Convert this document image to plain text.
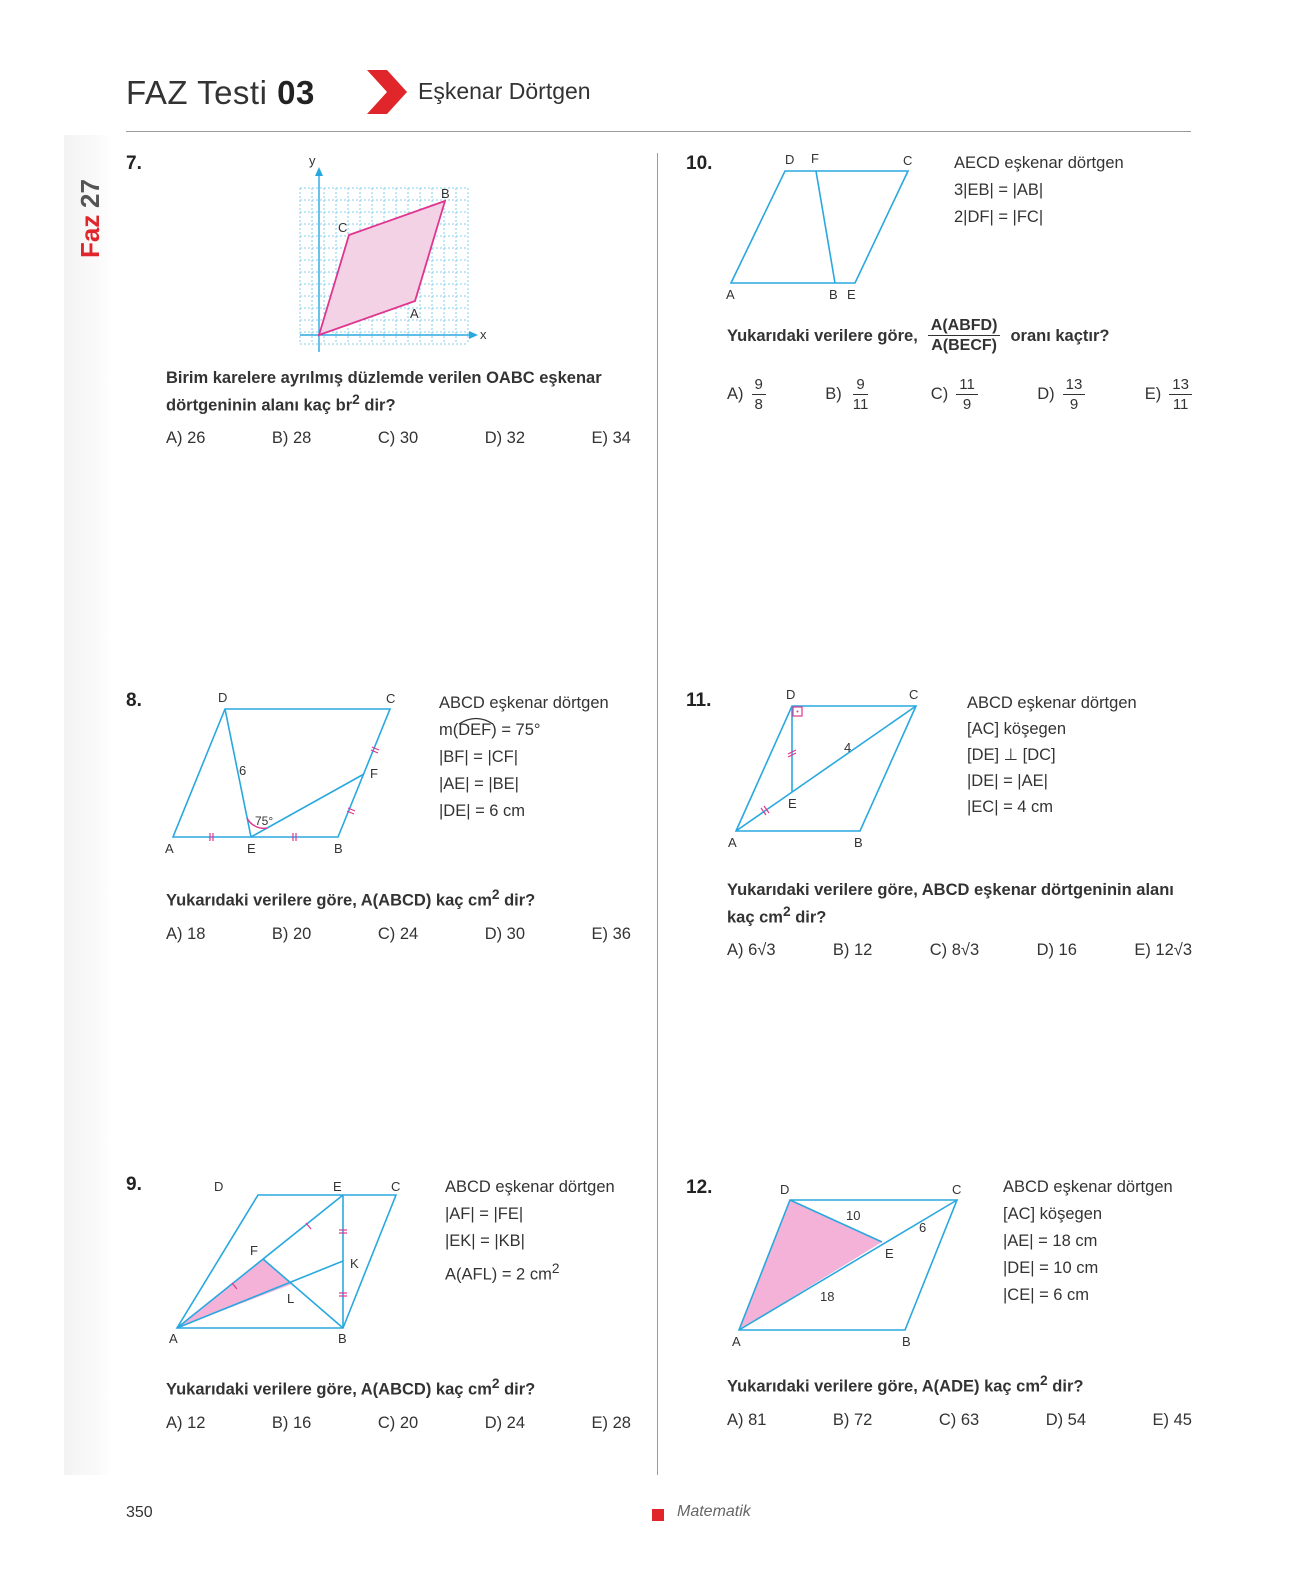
FAZ Testi 03	Eşkenar Dörtgen
Faz
27
7.	y
x
B
C
A
Birim karelere ayrılmış düzlemde verilen OABC eşkenar
dörtgeninin alanı kaç $br^2$ dir?
A) 26	B) 28	C) 30	D) 32	E) 34
10.	D F	C
A	B E
AECD eşkenar dörtgen
3|EB| = |AB|
2|DF| = |FC|
Yukarıdaki verilere göre, $\frac{\text{A(ABFD)}}{\text{A(BECF)}}$ oranı kaçtır?
$A) \frac{9}{8}$	$B) \frac{9}{11}$	$C) \frac{11}{9}$	$D) \frac{13}{9}$	$E) \frac{13}{11}$
8.	D	C
A	E	B
F
6
75°
ABCD eşkenar dörtgen
m(DEF) = 75°
|BF| = |CF|
|AE| = |BE|
|DE| = 6 cm
Yukarıdaki verilere göre, A(ABCD) kaç $cm^2$ dir?
A) 18	B) 20	C) 24	D) 30	E) 36
11.	D	C
A	B
E
4
ABCD eşkenar dörtgen
[AC] köşegen
[DE] ⊥ [DC]
|DE| = |AE|
|EC| = 4 cm
Yukarıdaki verilere göre, ABCD eşkenar dörtgeninin alanı
kaç $cm^2$ dir?
A) 6√3	B) 12	C) 8√3	D) 16	E) 12√3
9.	D	E	C
F
K
L
A	B
ABCD eşkenar dörtgen
|AF| = |FE|
|EK| = |KB|
A(AFL) = 2 $cm^2$
Yukarıdaki verilere göre, A(ABCD) kaç $cm^2$ dir?
A) 12	B) 16	C) 20	D) 24	E) 28
12.	D	C
A	B
E
10
6
18
ABCD eşkenar dörtgen
[AC] köşegen
|AE| = 18 cm
|DE| = 10 cm
|CE| = 6 cm
Yukarıdaki verilere göre, A(ADE) kaç $cm^2$ dir?
A) 81	B) 72	C) 63	D) 54	E) 45
350	Matematik
